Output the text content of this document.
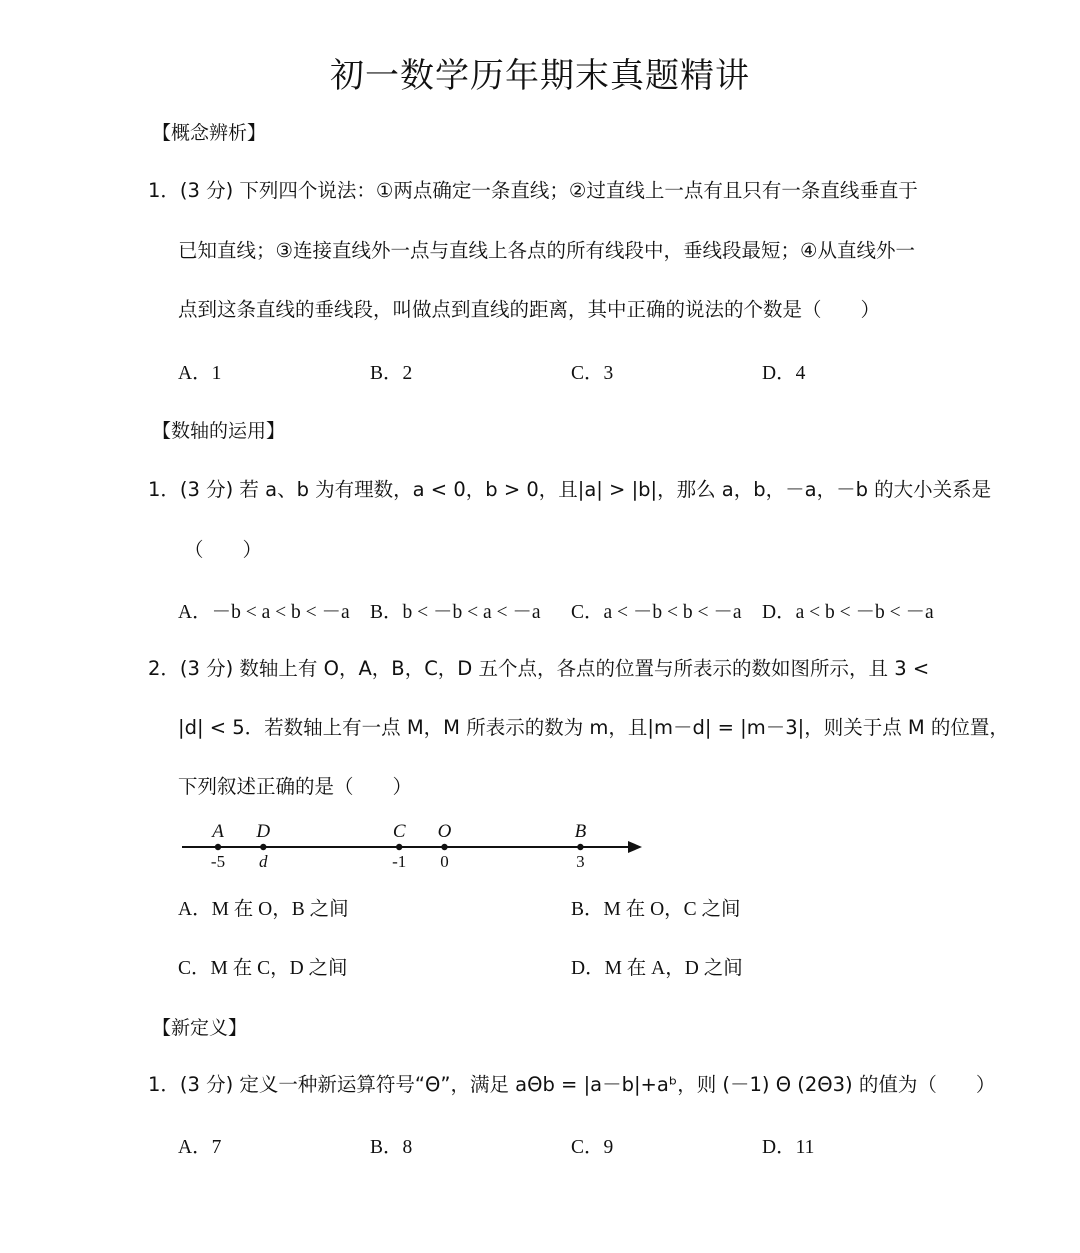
初一数学历年期末真题精讲
【概念辨析】
1．(3 分) 下列四个说法：①两点确定一条直线；②过直线上一点有且只有一条直线垂直于
已知直线；③连接直线外一点与直线上各点的所有线段中，垂线段最短；④从直线外一
点到这条直线的垂线段，叫做点到直线的距离，其中正确的说法的个数是（　　）
A．1	B．2	C．3	D．4
【数轴的运用】
1．(3 分) 若 a、b 为有理数，a < 0，b > 0，且|a| > |b|，那么 a，b，－a，－b 的大小关系是
（　　）
A．－b < a < b < －a B．b < －b < a < －a C．a < －b < b < －a D．a < b < －b < －a
2．(3 分) 数轴上有 O，A，B，C，D 五个点，各点的位置与所表示的数如图所示，且 3 <
|d| < 5．若数轴上有一点 M，M 所表示的数为 m，且|m－d| = |m－3|，则关于点 M 的位置，
下列叙述正确的是（　　）
A
-5
D
d
C
-1
O
0
B
3
A．M 在 O，B 之间	B．M 在 O，C 之间
C．M 在 C，D 之间	D．M 在 A，D 之间
【新定义】
1．(3 分) 定义一种新运算符号“Θ”，满足 aΘb = |a－b|+aᵇ，则 (－1) Θ (2Θ3) 的值为（　　）
A．7	B．8	C．9	D．11
